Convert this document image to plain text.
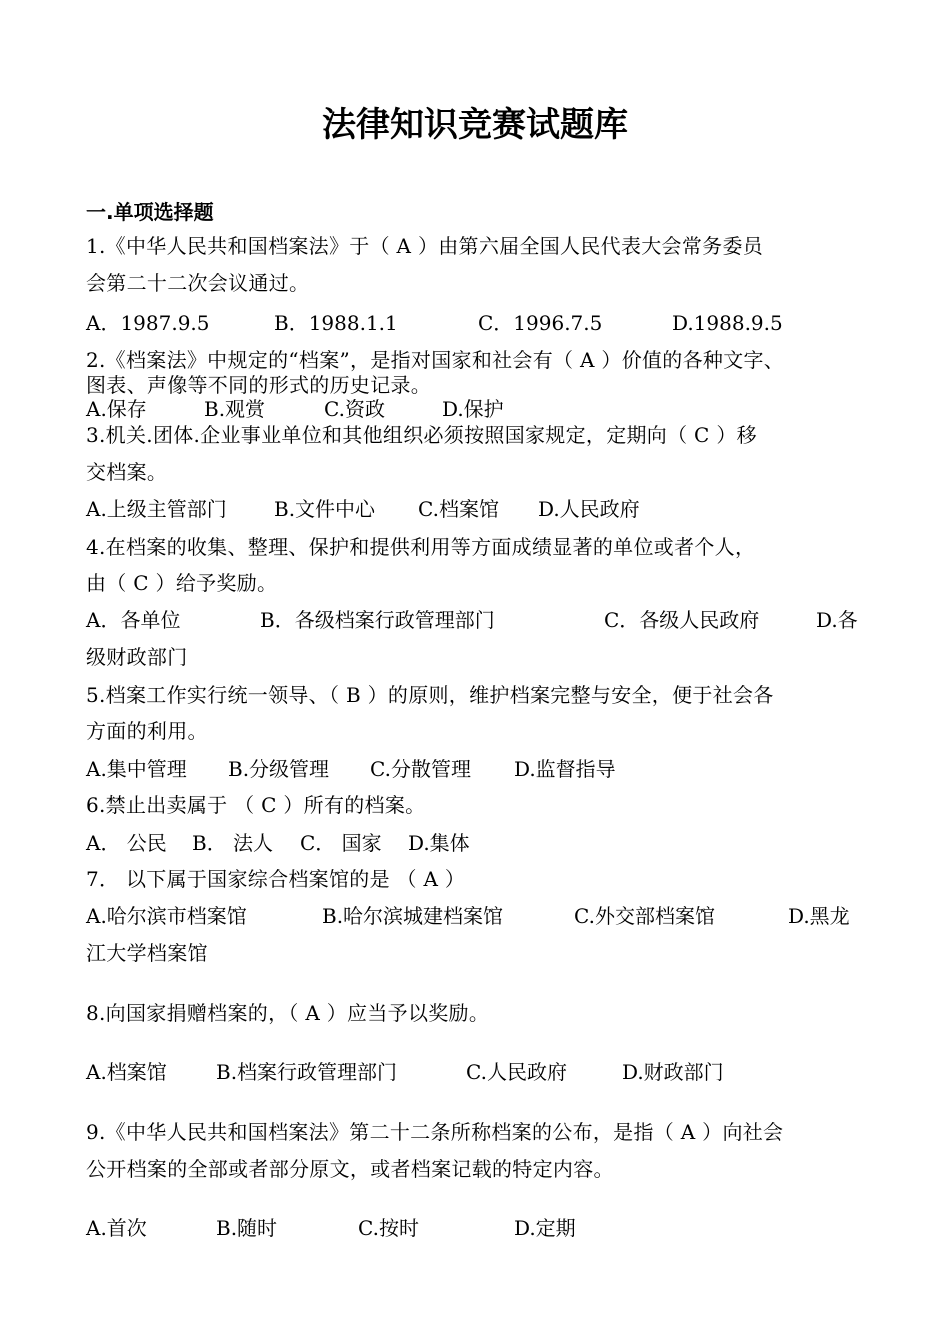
法律知识竞赛试题库
一.单项选择题

1.《中华人民共和国档案法》于（ A ）由第六届全国人民代表大会常务委员

会第二十二次会议通过。

A．1987.9.5	B．1988.1.1	C．1996.7.5	D.1988.9.5

2.《档案法》中规定的“档案”，是指对国家和社会有（ A ）价值的各种文字、

图表、声像等不同的形式的历史记录。

A.保存	B.观赏	C.资政	D.保护

3.机关.团体.企业事业单位和其他组织必须按照国家规定，定期向（ C ）移

交档案。

A.上级主管部门 B.文件中心 C.档案馆 D.人民政府

4.在档案的收集、整理、保护和提供利用等方面成绩显著的单位或者个人，

由（ C ）给予奖励。

A．各单位	B．各级档案行政管理部门	C．各级人民政府	D.各

级财政部门

5.档案工作实行统一领导、（ B ）的原则，维护档案完整与安全，便于社会各

方面的利用。

A.集中管理 B.分级管理 C.分散管理 D.监督指导

6.禁止出卖属于 （ C ）所有的档案。

A． 公民 B． 法人 C． 国家 D.集体

7． 以下属于国家综合档案馆的是 （ A ）

A.哈尔滨市档案馆	B.哈尔滨城建档案馆	C.外交部档案馆	D.黑龙

江大学档案馆

8.向国家捐赠档案的，（ A ）应当予以奖励。

A.档案馆 B.档案行政管理部门	C.人民政府	D.财政部门

9.《中华人民共和国档案法》第二十二条所称档案的公布，是指（ A ）向社会

公开档案的全部或者部分原文，或者档案记载的特定内容。

A.首次	B.随时	C.按时	D.定期
